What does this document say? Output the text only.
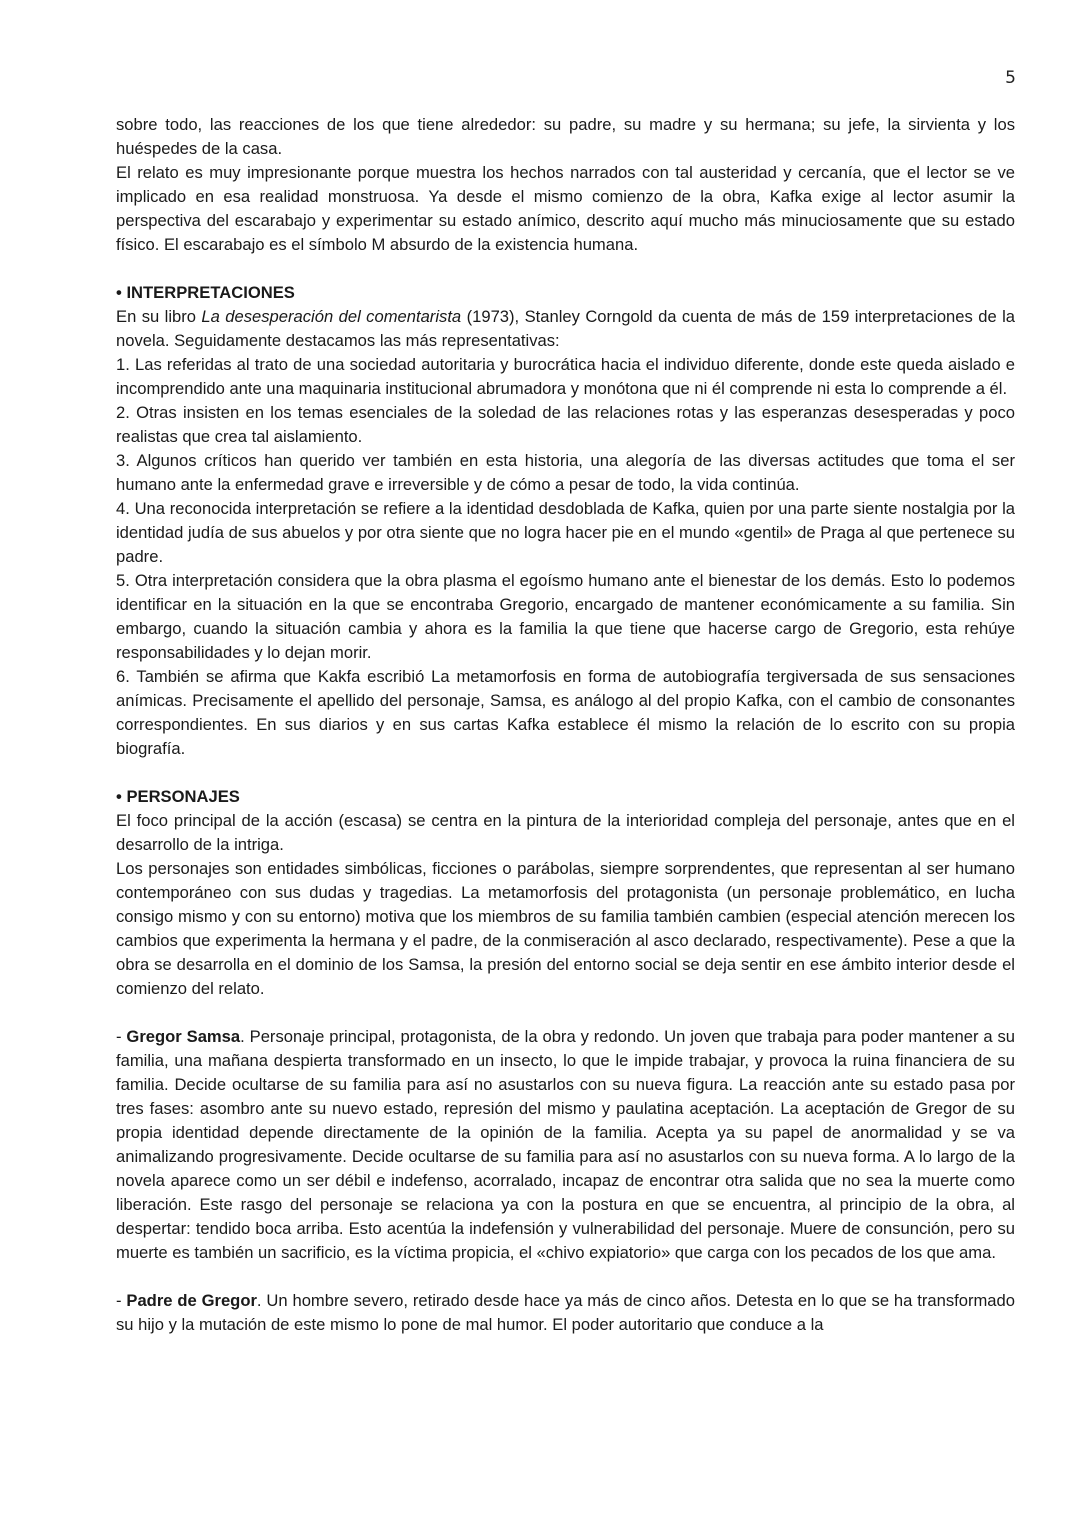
5

sobre todo, las reacciones de los que tiene alrededor: su padre, su madre y su hermana; su jefe, la sirvienta y los huéspedes de la casa.

El relato es muy impresionante porque muestra los hechos narrados con tal austeridad y cercanía, que el lector se ve implicado en esa realidad monstruosa. Ya desde el mismo comienzo de la obra, Kafka exige al lector asumir la perspectiva del escarabajo y experimentar su estado anímico, descrito aquí mucho más minuciosamente que su estado físico. El escarabajo es el símbolo M absurdo de la existencia humana.

• INTERPRETACIONES

En su libro La desesperación del comentarista (1973), Stanley Corngold da cuenta de más de 159 interpretaciones de la novela. Seguidamente destacamos las más representativas:

1. Las referidas al trato de una sociedad autoritaria y burocrática hacia el individuo diferente, donde este queda aislado e incomprendido ante una maquinaria institucional abrumadora y monótona que ni él comprende ni esta lo comprende a él.

2. Otras insisten en los temas esenciales de la soledad de las relaciones rotas y las esperanzas desesperadas y poco realistas que crea tal aislamiento.

3. Algunos críticos han querido ver también en esta historia, una alegoría de las diversas actitudes que toma el ser humano ante la enfermedad grave e irreversible y de cómo a pesar de todo, la vida continúa.

4. Una reconocida interpretación se refiere a la identidad desdoblada de Kafka, quien por una parte siente nostalgia por la identidad judía de sus abuelos y por otra siente que no logra hacer pie en el mundo «gentil» de Praga al que pertenece su padre.

5. Otra interpretación considera que la obra plasma el egoísmo humano ante el bienestar de los demás. Esto lo podemos identificar en la situación en la que se encontraba Gregorio, encargado de mantener económicamente a su familia. Sin embargo, cuando la situación cambia y ahora es la familia la que tiene que hacerse cargo de Gregorio, esta rehúye responsabilidades y lo dejan morir.

6. También se afirma que Kakfa escribió La metamorfosis en forma de autobiografía tergiversada de sus sensaciones anímicas. Precisamente el apellido del personaje, Samsa, es análogo al del propio Kafka, con el cambio de consonantes correspondientes. En sus diarios y en sus cartas Kafka establece él mismo la relación de lo escrito con su propia biografía.

• PERSONAJES

El foco principal de la acción (escasa) se centra en la pintura de la interioridad compleja del personaje, antes que en el desarrollo de la intriga.

Los personajes son entidades simbólicas, ficciones o parábolas, siempre sorprendentes, que representan al ser humano contemporáneo con sus dudas y tragedias. La metamorfosis del protagonista (un personaje problemático, en lucha consigo mismo y con su entorno) motiva que los miembros de su familia también cambien (especial atención merecen los cambios que experimenta la hermana y el padre, de la conmiseración al asco declarado, respectivamente). Pese a que la obra se desarrolla en el dominio de los Samsa, la presión del entorno social se deja sentir en ese ámbito interior desde el comienzo del relato.

- Gregor Samsa. Personaje principal, protagonista, de la obra y redondo. Un joven que trabaja para poder mantener a su familia, una mañana despierta transformado en un insecto, lo que le impide trabajar, y provoca la ruina financiera de su familia. Decide ocultarse de su familia para así no asustarlos con su nueva figura. La reacción ante su estado pasa por tres fases: asombro ante su nuevo estado, represión del mismo y paulatina aceptación. La aceptación de Gregor de su propia identidad depende directamente de la opinión de la familia. Acepta ya su papel de anormalidad y se va animalizando progresivamente. Decide ocultarse de su familia para así no asustarlos con su nueva forma. A lo largo de la novela aparece como un ser débil e indefenso, acorralado, incapaz de encontrar otra salida que no sea la muerte como liberación. Este rasgo del personaje se relaciona ya con la postura en que se encuentra, al principio de la obra, al despertar: tendido boca arriba. Esto acentúa la indefensión y vulnerabilidad del personaje. Muere de consunción, pero su muerte es también un sacrificio, es la víctima propicia, el «chivo expiatorio» que carga con los pecados de los que ama.

- Padre de Gregor. Un hombre severo, retirado desde hace ya más de cinco años. Detesta en lo que se ha transformado su hijo y la mutación de este mismo lo pone de mal humor. El poder autoritario que conduce a la
